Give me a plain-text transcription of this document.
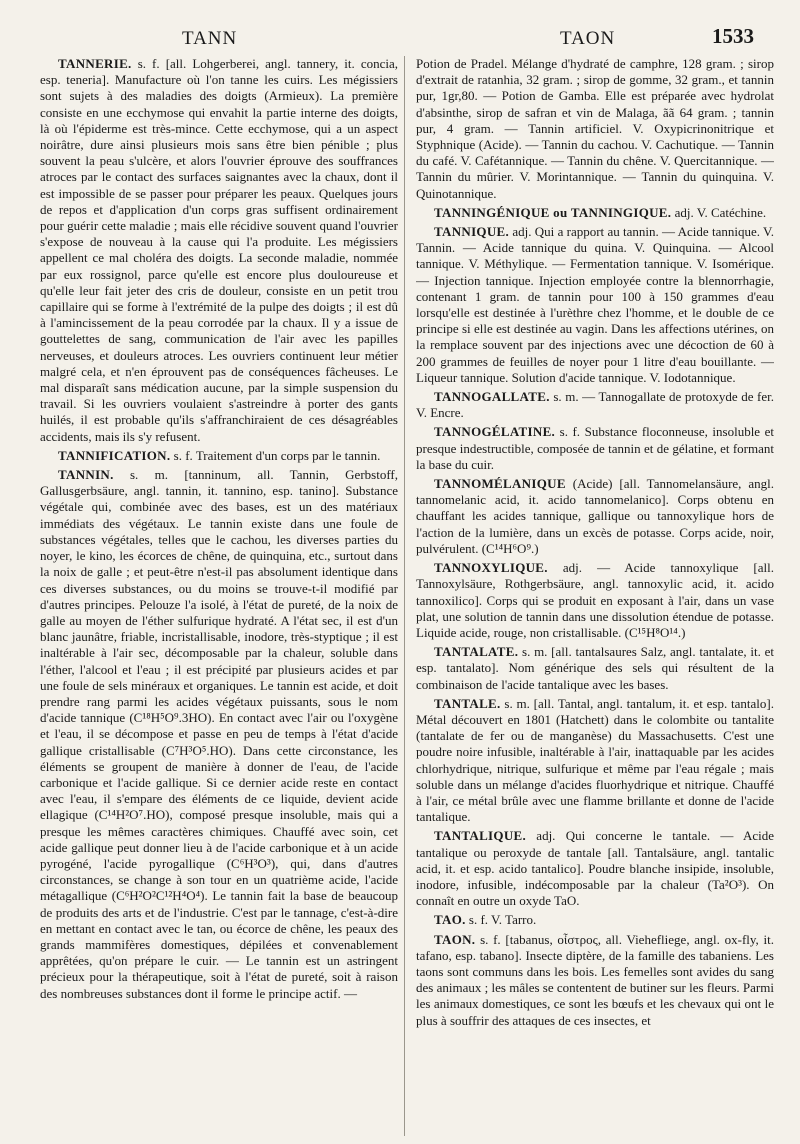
TANN	TAON	1533

TANNERIE. s. f. [all. Lohgerberei, angl. tannery, it. concia, esp. teneria]. Manufacture où l'on tanne les cuirs. Les mégissiers sont sujets à des maladies des doigts (Armieux). La première consiste en une ecchymose qui envahit la partie interne des doigts, là où l'épiderme est très-mince. Cette ecchymose, qui a un aspect noirâtre, dure ainsi plusieurs mois sans être bien pénible ; plus souvent la peau s'ulcère, et alors l'ouvrier éprouve des souffrances atroces par le contact des surfaces saignantes avec la chaux, dont il est impossible de se passer pour préparer les peaux. Quelques jours de repos et d'application d'un corps gras suffisent ordinairement pour guérir cette maladie ; mais elle récidive souvent quand l'ouvrier s'expose de nouveau à la cause qui l'a produite. Les mégissiers appellent ce mal choléra des doigts. La seconde maladie, nommée par eux rossignol, parce qu'elle est encore plus douloureuse et qu'elle leur fait jeter des cris de douleur, consiste en un petit trou capillaire qui se forme à l'extrémité de la pulpe des doigts ; il est dû à l'amincissement de la peau corrodée par la chaux. Il y a issue de gouttelettes de sang, communication de l'air avec les papilles nerveuses, et douleurs atroces. Les ouvriers continuent leur métier malgré cela, et n'en éprouvent pas de conséquences fâcheuses. Le mal disparaît sans médication aucune, par la simple suspension du travail. Si les ouvriers voulaient s'astreindre à porter des gants huilés, il est probable qu'ils s'affranchiraient de ces désagréables accidents, mais ils s'y refusent.

TANNIFICATION. s. f. Traitement d'un corps par le tannin.

TANNIN. s. m. [tanninum, all. Tannin, Gerbstoff, Gallusgerbsäure, angl. tannin, it. tannino, esp. tanino]. Substance végétale qui, combinée avec des bases, est un des matériaux immédiats des végétaux. Le tannin existe dans une foule de substances végétales, telles que le cachou, les diverses parties du noyer, le kino, les écorces de chêne, de quinquina, etc., surtout dans la noix de galle ; et peut-être n'est-il pas absolument identique dans ces diverses substances, ou du moins se trouve-t-il modifié par d'autres principes. Pelouze l'a isolé, à l'état de pureté, de la noix de galle au moyen de l'éther sulfurique hydraté. A l'état sec, il est d'un blanc jaunâtre, friable, incristallisable, inodore, très-styptique ; il est inaltérable à l'air sec, décomposable par la chaleur, soluble dans l'éther, l'alcool et l'eau ; il est précipité par plusieurs acides et par une foule de sels minéraux et organiques. Le tannin est acide, et doit prendre rang parmi les acides végétaux puissants, sous le nom d'acide tannique (C¹⁸H⁵O⁹.3HO). En contact avec l'air ou l'oxygène et l'eau, il se décompose et passe en peu de temps à l'état d'acide gallique cristallisable (C⁷H³O⁵.HO). Dans cette circonstance, les éléments se groupent de manière à donner de l'eau, de l'acide carbonique et l'acide gallique. Si ce dernier acide reste en contact avec l'eau, il s'empare des éléments de ce liquide, devient acide ellagique (C¹⁴H²O⁷.HO), composé presque insoluble, mais qui a presque les mêmes caractères chimiques. Chauffé avec soin, cet acide gallique peut donner lieu à de l'acide carbonique et à un acide pyrogéné, l'acide pyrogallique (C⁶H³O³), qui, dans d'autres circonstances, se change à son tour en un quatrième acide, l'acide métagallique (C⁶H²O²C¹²H⁴O⁴). Le tannin fait la base de beaucoup de produits des arts et de l'industrie. C'est par le tannage, c'est-à-dire en mettant en contact avec le tan, ou écorce de chêne, les peaux des grands mammifères domestiques, dépilées et convenablement apprêtées, qu'on prépare le cuir. — Le tannin est un astringent précieux pour la thérapeutique, soit à l'état de pureté, soit à raison des nombreuses substances dont il forme le principe actif. —

Potion de Pradel. Mélange d'hydraté de camphre, 128 gram. ; sirop d'extrait de ratanhia, 32 gram. ; sirop de gomme, 32 gram., et tannin pur, 1gr,80. — Potion de Gamba. Elle est préparée avec hydrolat d'absinthe, sirop de safran et vin de Malaga, ãã 64 gram. ; tannin pur, 4 gram. — Tannin artificiel. V. Oxypicrinonitrique et Styphnique (Acide). — Tannin du cachou. V. Cachutique. — Tannin du café. V. Cafétannique. — Tannin du chêne. V. Quercitannique. — Tannin du mûrier. V. Morintannique. — Tannin du quinquina. V. Quinotannique.

TANNINGÉNIQUE ou TANNINGIQUE. adj. V. Catéchine.

TANNIQUE. adj. Qui a rapport au tannin. — Acide tannique. V. Tannin. — Acide tannique du quina. V. Quinquina. — Alcool tannique. V. Méthylique. — Fermentation tannique. V. Isomérique. — Injection tannique. Injection employée contre la blennorrhagie, contenant 1 gram. de tannin pour 100 à 150 grammes d'eau lorsqu'elle est destinée à l'urèthre chez l'homme, et le double de ce principe si elle est destinée au vagin. Dans les affections utérines, on la remplace souvent par des injections avec une décoction de 60 à 200 grammes de feuilles de noyer pour 1 litre d'eau bouillante. — Liqueur tannique. Solution d'acide tannique. V. Iodotannique.

TANNOGALLATE. s. m. — Tannogallate de protoxyde de fer. V. Encre.

TANNOGÉLATINE. s. f. Substance floconneuse, insoluble et presque indestructible, composée de tannin et de gélatine, et formant la base du cuir.

TANNOMÉLANIQUE (Acide) [all. Tannomelansäure, angl. tannomelanic acid, it. acido tannomelanico]. Corps obtenu en chauffant les acides tannique, gallique ou tannoxylique hors de l'action de la lumière, dans un excès de potasse. Corps acide, noir, pulvérulent. (C¹⁴H⁶O⁹.)

TANNOXYLIQUE. adj. — Acide tannoxylique [all. Tannoxylsäure, Rothgerbsäure, angl. tannoxylic acid, it. acido tannoxilico]. Corps qui se produit en exposant à l'air, dans un vase plat, une solution de tannin dans une dissolution étendue de potasse. Liquide acide, rouge, non cristallisable. (C¹⁵H⁸O¹⁴.)

TANTALATE. s. m. [all. tantalsaures Salz, angl. tantalate, it. et esp. tantalato]. Nom générique des sels qui résultent de la combinaison de l'acide tantalique avec les bases.

TANTALE. s. m. [all. Tantal, angl. tantalum, it. et esp. tantalo]. Métal découvert en 1801 (Hatchett) dans le colombite ou tantalite (tantalate de fer ou de manganèse) du Massachusetts. C'est une poudre noire infusible, inaltérable à l'air, inattaquable par les acides chlorhydrique, nitrique, sulfurique et même par l'eau régale ; mais soluble dans un mélange d'acides fluorhydrique et nitrique. Chauffé à l'air, ce métal brûle avec une flamme brillante et donne de l'acide tantalique.

TANTALIQUE. adj. Qui concerne le tantale. — Acide tantalique ou peroxyde de tantale [all. Tantalsäure, angl. tantalic acid, it. et esp. acido tantalico]. Poudre blanche insipide, insoluble, inodore, infusible, indécomposable par la chaleur (Ta²O³). On connaît en outre un oxyde TaO.

TAO. s. f. V. Tarro.

TAON. s. f. [tabanus, οἶστρος, all. Viehefliege, angl. ox-fly, it. tafano, esp. tabano]. Insecte diptère, de la famille des tabaniens. Les taons sont communs dans les bois. Les femelles sont avides du sang des animaux ; les mâles se contentent de butiner sur les fleurs. Parmi les animaux domestiques, ce sont les bœufs et les chevaux qui ont le plus à souffrir des attaques de ces insectes, et
